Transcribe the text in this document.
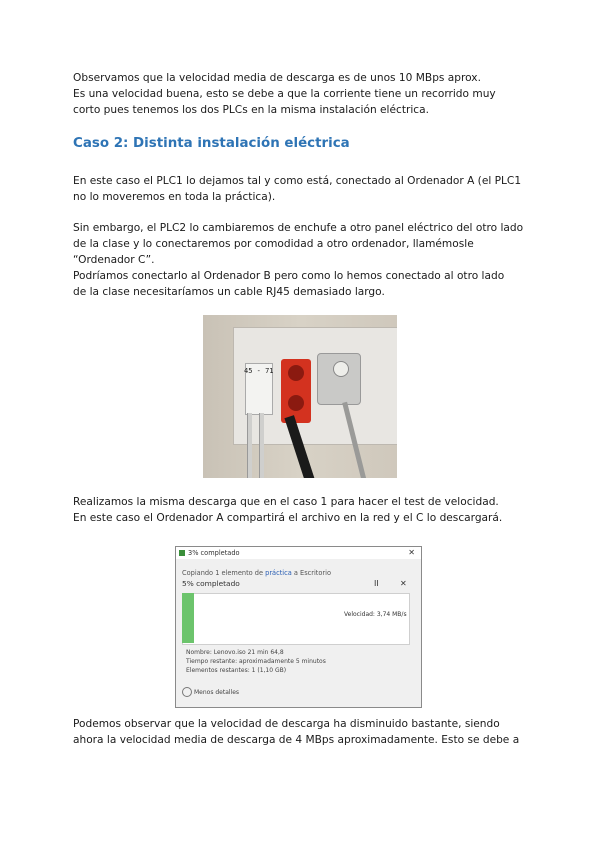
Observamos que la velocidad media de descarga es de unos 10 MBps aprox.
Es una velocidad buena, esto se debe a que la corriente tiene un recorrido muy
corto pues tenemos los dos PLCs en la misma instalación eléctrica.

Caso 2: Distinta instalación eléctrica

En este caso el PLC1 lo dejamos tal y como está, conectado al Ordenador A (el PLC1
no lo moveremos en toda la práctica).

Sin embargo, el PLC2 lo cambiaremos de enchufe a otro panel eléctrico del otro lado
de la clase y lo conectaremos por comodidad a otro ordenador, llamémosle
“Ordenador C”.
Podríamos conectarlo al Ordenador B pero como lo hemos conectado al otro lado
de la clase necesitaríamos un cable RJ45 demasiado largo.

45 - 71

Realizamos la misma descarga que en el caso 1 para hacer el test de velocidad.
En este caso el Ordenador A compartirá el archivo en la red y el C lo descargará.

3% completado	✕
Copiando 1 elemento de práctica a Escritorio
5% completado	II	✕
Velocidad: 3,74 MB/s
Nombre: Lenovo.iso 21 min 64,8
Tiempo restante: aproximadamente 5 minutos
Elementos restantes: 1 (1,10 GB)
Menos detalles

Podemos observar que la velocidad de descarga ha disminuido bastante, siendo
ahora la velocidad media de descarga de 4 MBps aproximadamente. Esto se debe a
